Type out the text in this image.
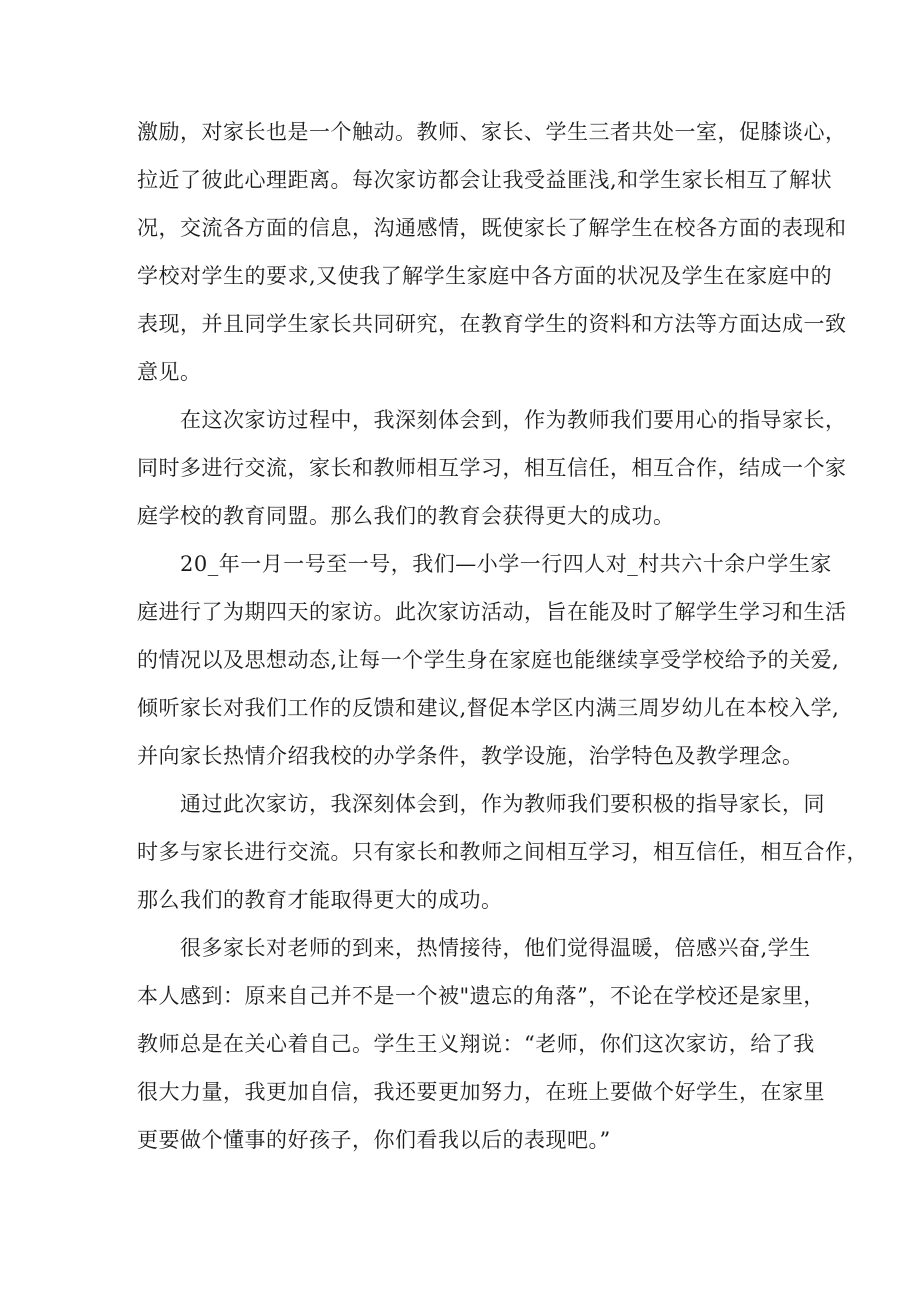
激励，对家长也是一个触动。教师、家长、学生三者共处一室，促膝谈心，
拉近了彼此心理距离。每次家访都会让我受益匪浅,和学生家长相互了解状
况，交流各方面的信息，沟通感情，既使家长了解学生在校各方面的表现和
学校对学生的要求,又使我了解学生家庭中各方面的状况及学生在家庭中的
表现，并且同学生家长共同研究，在教育学生的资料和方法等方面达成一致
意见。
在这次家访过程中，我深刻体会到，作为教师我们要用心的指导家长，
同时多进行交流，家长和教师相互学习，相互信任，相互合作，结成一个家
庭学校的教育同盟。那么我们的教育会获得更大的成功。
20_年一月一号至一号，我们—小学一行四人对_村共六十余户学生家
庭进行了为期四天的家访。此次家访活动，旨在能及时了解学生学习和生活
的情况以及思想动态,让每一个学生身在家庭也能继续享受学校给予的关爱,
倾听家长对我们工作的反馈和建议,督促本学区内满三周岁幼儿在本校入学,
并向家长热情介绍我校的办学条件，教学设施，治学特色及教学理念。
通过此次家访，我深刻体会到，作为教师我们要积极的指导家长，同
时多与家长进行交流。只有家长和教师之间相互学习，相互信任，相互合作，
那么我们的教育才能取得更大的成功。
很多家长对老师的到来，热情接待，他们觉得温暖，倍感兴奋,学生
本人感到：原来自己并不是一个被"遗忘的角落”，不论在学校还是家里，
教师总是在关心着自己。学生王义翔说：“老师，你们这次家访，给了我
很大力量，我更加自信，我还要更加努力，在班上要做个好学生，在家里
更要做个懂事的好孩子，你们看我以后的表现吧。”
